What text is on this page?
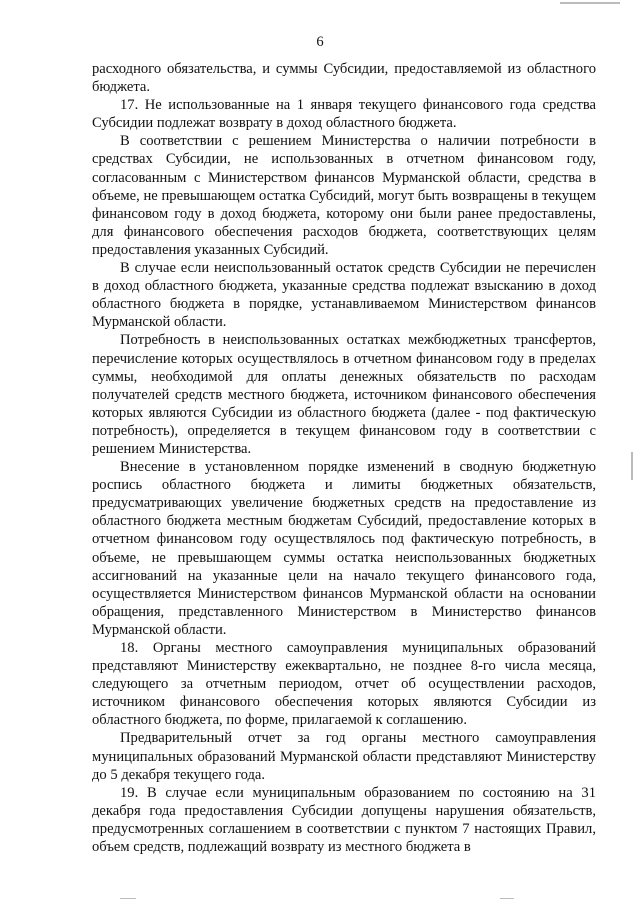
6

расходного обязательства, и суммы Субсидии, предоставляемой из областного бюджета.

17. Не использованные на 1 января текущего финансового года средства Субсидии подлежат возврату в доход областного бюджета.

В соответствии с решением Министерства о наличии потребности в средствах Субсидии, не использованных в отчетном финансовом году, согласованным с Министерством финансов Мурманской области, средства в объеме, не превышающем остатка Субсидий, могут быть возвращены в текущем финансовом году в доход бюджета, которому они были ранее предоставлены, для финансового обеспечения расходов бюджета, соответствующих целям предоставления указанных Субсидий.

В случае если неиспользованный остаток средств Субсидии не перечислен в доход областного бюджета, указанные средства подлежат взысканию в доход областного бюджета в порядке, устанавливаемом Министерством финансов Мурманской области.

Потребность в неиспользованных остатках межбюджетных трансфертов, перечисление которых осуществлялось в отчетном финансовом году в пределах суммы, необходимой для оплаты денежных обязательств по расходам получателей средств местного бюджета, источником финансового обеспечения которых являются Субсидии из областного бюджета (далее - под фактическую потребность), определяется в текущем финансовом году в соответствии с решением Министерства.

Внесение в установленном порядке изменений в сводную бюджетную роспись областного бюджета и лимиты бюджетных обязательств, предусматривающих увеличение бюджетных средств на предоставление из областного бюджета местным бюджетам Субсидий, предоставление которых в отчетном финансовом году осуществлялось под фактическую потребность, в объеме, не превышающем суммы остатка неиспользованных бюджетных ассигнований на указанные цели на начало текущего финансового года, осуществляется Министерством финансов Мурманской области на основании обращения, представленного Министерством в Министерство финансов Мурманской области.

18. Органы местного самоуправления муниципальных образований представляют Министерству ежеквартально, не позднее 8-го числа месяца, следующего за отчетным периодом, отчет об осуществлении расходов, источником финансового обеспечения которых являются Субсидии из областного бюджета, по форме, прилагаемой к соглашению.

Предварительный отчет за год органы местного самоуправления муниципальных образований Мурманской области представляют Министерству до 5 декабря текущего года.

19. В случае если муниципальным образованием по состоянию на 31 декабря года предоставления Субсидии допущены нарушения обязательств, предусмотренных соглашением в соответствии с пунктом 7 настоящих Правил, объем средств, подлежащий возврату из местного бюджета в
